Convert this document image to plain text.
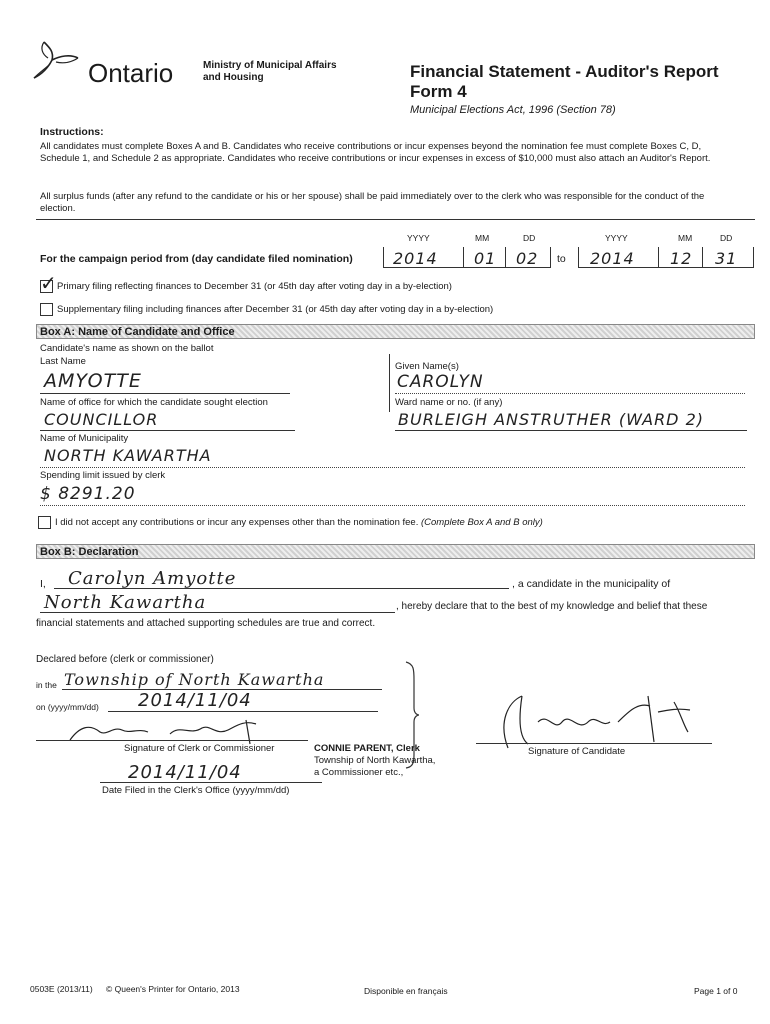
Ontario	Ministry of Municipal Affairs and Housing	Financial Statement - Auditor's Report
Form 4
Municipal Elections Act, 1996 (Section 78)
Instructions:
All candidates must complete Boxes A and B. Candidates who receive contributions or incur expenses beyond the nomination fee must complete Boxes C, D, Schedule 1, and Schedule 2 as appropriate. Candidates who receive contributions or incur expenses in excess of $10,000 must also attach an Auditor's Report.
All surplus funds (after any refund to the candidate or his or her spouse) shall be paid immediately over to the clerk who was responsible for the conduct of the election.
YYYY	MM	DD	YYYY	MM	DD
For the campaign period from (day candidate filed nomination)	2014 01 02 to 2014 12 31
✓ Primary filing reflecting finances to December 31 (or 45th day after voting day in a by-election)
Supplementary filing including finances after December 31 (or 45th day after voting day in a by-election)
Box A: Name of Candidate and Office
Candidate's name as shown on the ballot
Last Name	Given Name(s)
AMYOTTE	CAROLYN
Name of office for which the candidate sought election	Ward name or no. (if any)
COUNCILLOR	BURLEIGH ANSTRUTHER (WARD 2)
Name of Municipality
NORTH KAWARTHA
Spending limit issued by clerk
$ 8291.20
I did not accept any contributions or incur any expenses other than the nomination fee. (Complete Box A and B only)
Box B: Declaration
I, Carolyn Amyotte	, a candidate in the municipality of
North Kawartha	, hereby declare that to the best of my knowledge and belief that these
financial statements and attached supporting schedules are true and correct.
Declared before (clerk or commissioner)
in the Township of North Kawartha
on (yyyy/mm/dd) 2014/11/04
Signature of Clerk or Commissioner	CONNIE PARENT, Clerk
Township of North Kawartha,
a Commissioner etc.,
2014/11/04
Date Filed in the Clerk's Office (yyyy/mm/dd)
Signature of Candidate
0503E (2013/11) © Queen's Printer for Ontario, 2013	Disponible en français	Page 1 of 0
